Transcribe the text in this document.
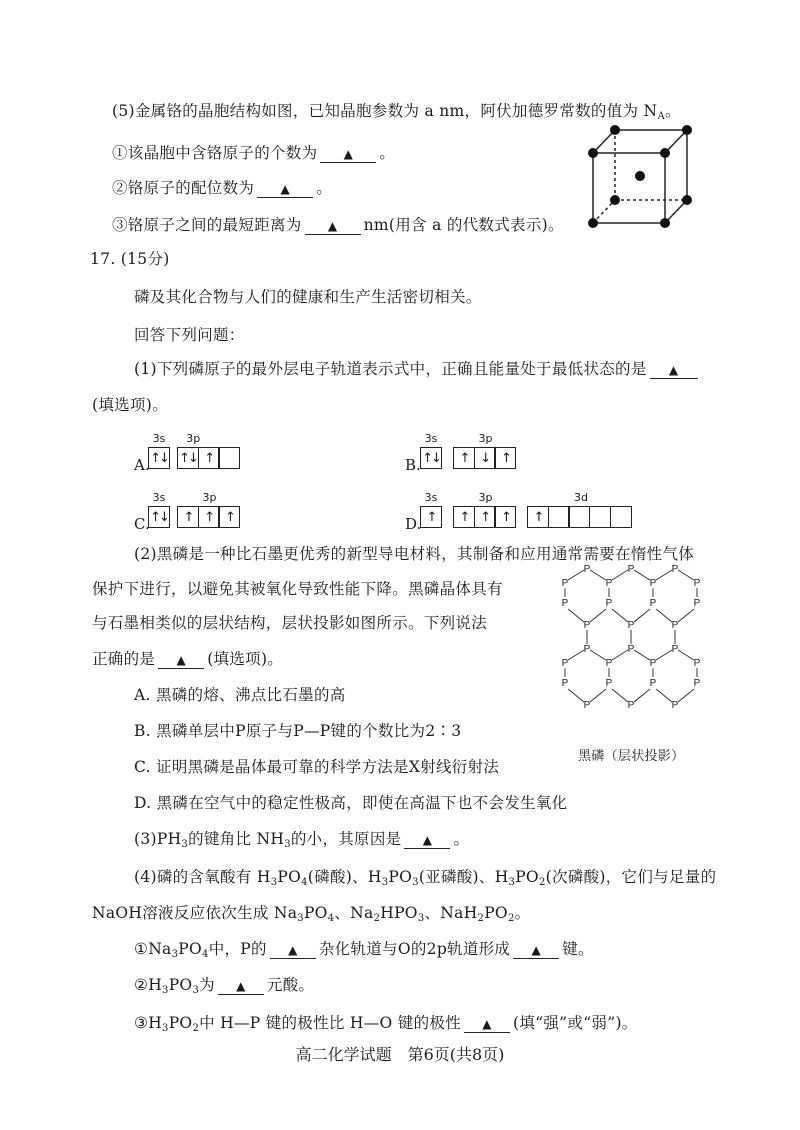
(5)金属铬的晶胞结构如图，已知晶胞参数为 a nm，阿伏加德罗常数的值为 $N_A$。
①该晶胞中含铬原子的个数为 ▲ 。
②铬原子的配位数为 ▲ 。
③铬原子之间的最短距离为 ▲ nm(用含 a 的代数式表示)。
17. (15分)
磷及其化合物与人们的健康和生产生活密切相关。
回答下列问题：
(1)下列磷原子的最外层电子轨道表示式中，正确且能量处于最低状态的是 ▲
(填选项)。
A.
3s
↑↓
3p
↑↓ ↑	B.
3s
↑↓
3p
↑ ↓ ↑
C.
3s
↑↓
3p
↑ ↑ ↑	D.
3s
↑
3p
↑ ↑ ↑
3d
↑
(2)黑磷是一种比石墨更优秀的新型导电材料，其制备和应用通常需要在惰性气体
保护下进行，以避免其被氧化导致性能下降。黑磷晶体具有
与石墨相类似的层状结构，层状投影如图所示。下列说法
正确的是 ▲ (填选项)。
A. 黑磷的熔、沸点比石墨的高
B. 黑磷单层中P原子与P—P键的个数比为2∶3
C. 证明黑磷是晶体最可靠的科学方法是X射线衍射法
D. 黑磷在空气中的稳定性极高，即使在高温下也不会发生氧化
P
P
P
P
P
P
P
P
P
P
P
P
P
P
P
P
P
P
P
P
P
P
P
P
P
P
P
P
黑磷（层状投影）
$(3)PH_3$的键角比 $NH_3$的小，其原因是 ▲ 。
(4)磷的含氧酸有 $H_3PO_4$(磷酸)、$H_3PO_3$(亚磷酸)、$H_3PO_2$(次磷酸)，它们与足量的
NaOH溶液反应依次生成 $Na_3PO_4$、$Na_2HPO_3$、$NaH_2PO_2$。
$①Na_3PO_4$中，P的 ▲ 杂化轨道与O的2p轨道形成 ▲ 键。
$②H_3PO_3$为 ▲ 元酸。
$③H_3PO_2$中 H—P 键的极性比 H—O 键的极性 ▲ (填“强”或“弱”)。
高二化学试题　第6页(共8页)
